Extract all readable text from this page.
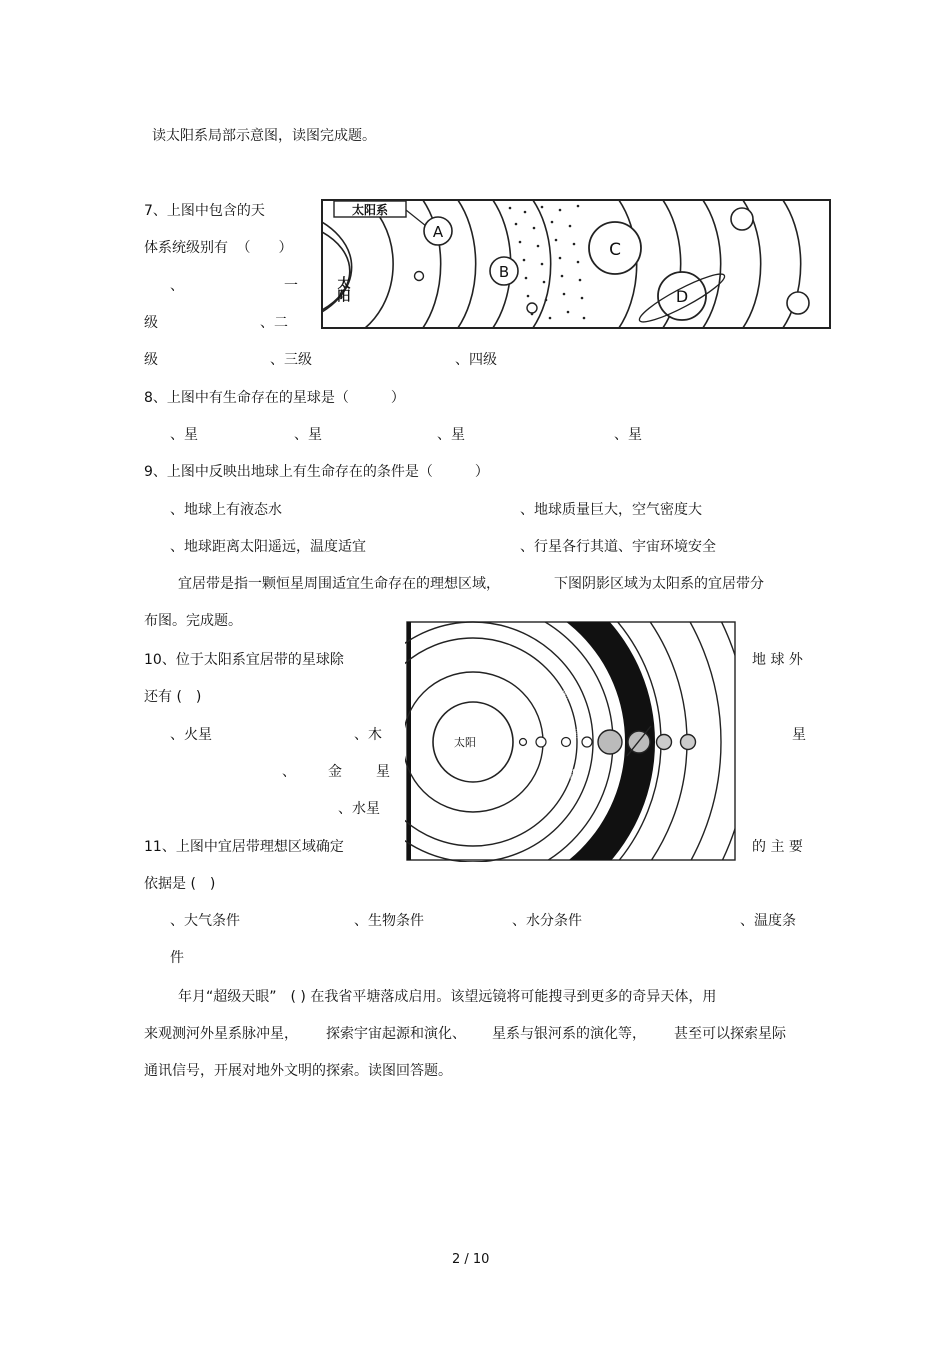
读太阳系局部示意图，读图完成题。
7、上图中包含的天
体系统级别有 （　　）
、	一
级	、二
级	、三级	、四级
太阳系
太阳
A
B
C
D
8、上图中有生命存在的星球是（　　　）
、星	、星	、星	、星
9、上图中反映出地球上有生命存在的条件是（　　　）
、地球上有液态水	、地球质量巨大，空气密度大
、地球距离太阳遥远，温度适宜	、行星各行其道、宇宙环境安全
宜居带是指一颗恒星周围适宜生命存在的理想区域，	下图阴影区域为太阳系的宜居带分
布图。完成题。
太阳
宜
居
带
10、位于太阳系宜居带的星球除	地 球 外
还有 (　)
、火星	、木	星
、 金 星
、水星
11、上图中宜居带理想区域确定	的 主 要
依据是 (　)
、大气条件	、生物条件	、水分条件	、温度条
件
年月“超级天眼”　( ) 在我省平塘落成启用。该望远镜将可能搜寻到更多的奇异天体，用
来观测河外星系脉冲星， 探索宇宙起源和演化、 星系与银河系的演化等， 甚至可以探索星际
通讯信号，开展对地外文明的探索。读图回答题。
2 / 10
